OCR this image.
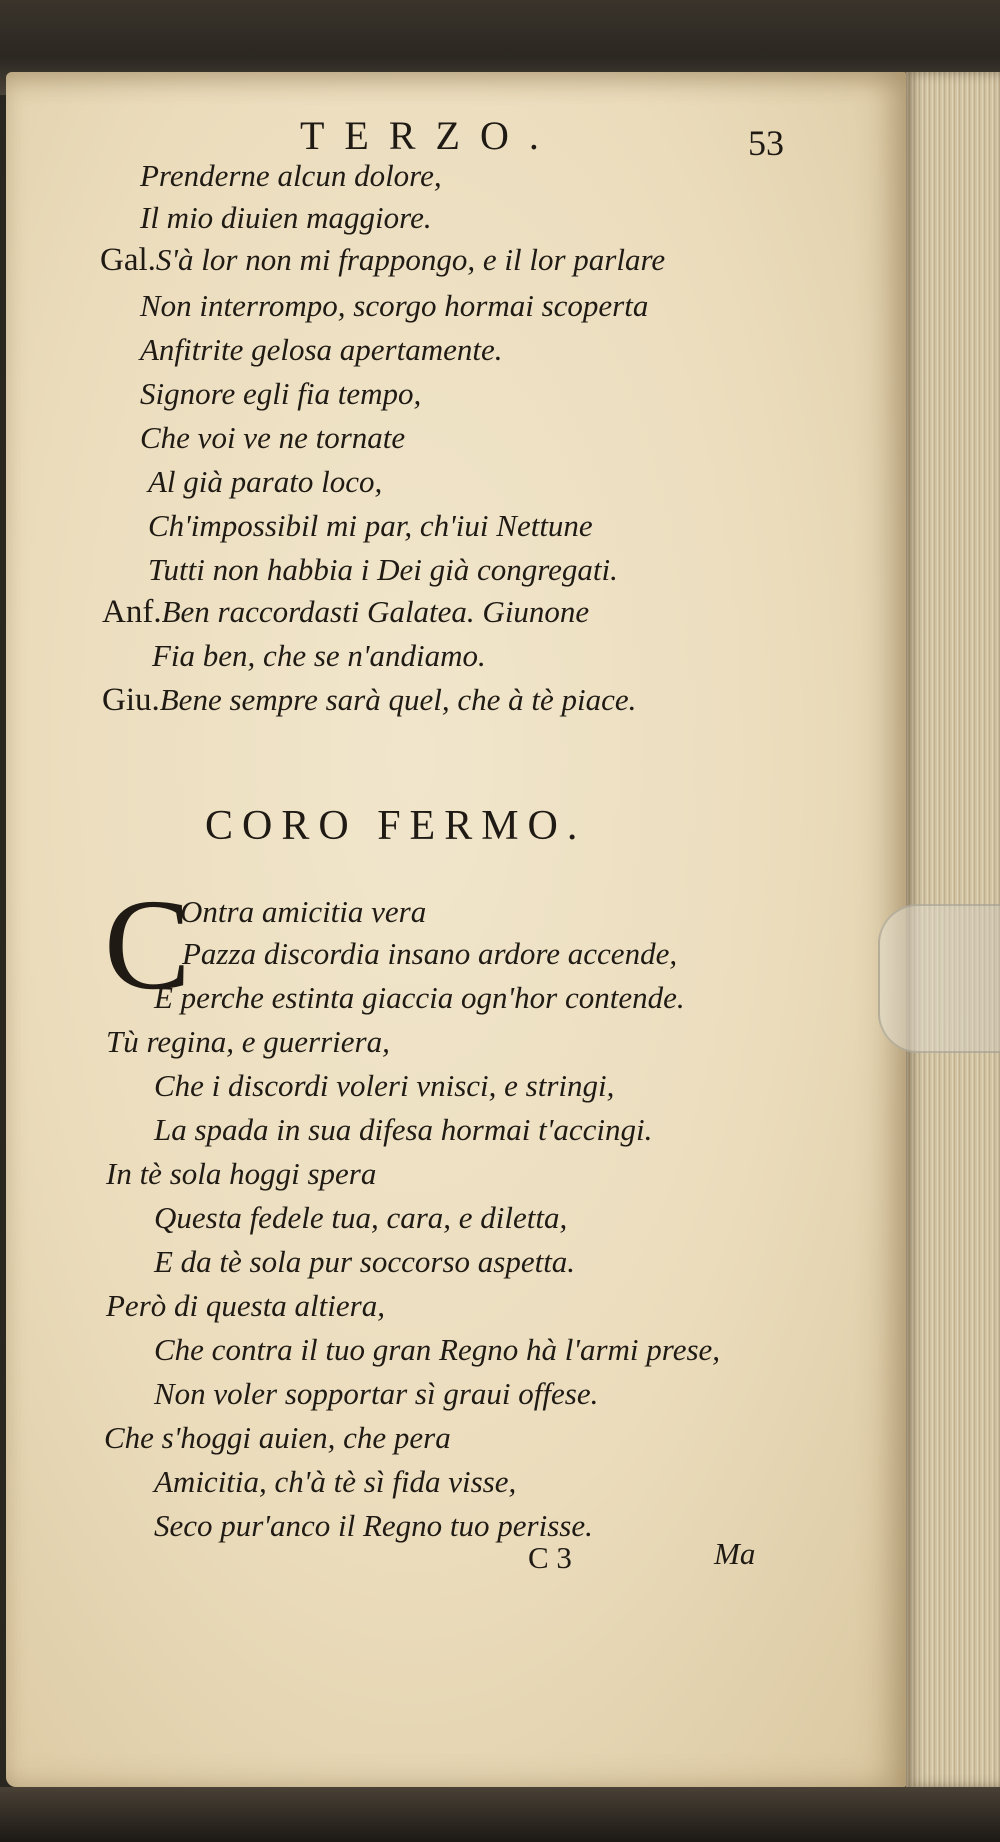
TERZO.	53
Prenderne alcun dolore,
Il mio diuien maggiore.
Gal.S'à lor non mi frappongo, e il lor parlare
Non interrompo, scorgo hormai scoperta
Anfitrite gelosa apertamente.
Signore egli fia tempo,
Che voi ve ne tornate
Al già parato loco,
Ch'impossibil mi par, ch'iui Nettune
Tutti non habbia i Dei già congregati.
Anf.Ben raccordasti Galatea. Giunone
Fia ben, che se n'andiamo.
Giu.Bene sempre sarà quel, che à tè piace.
CORO FERMO.
C
Ontra amicitia vera
Pazza discordia insano ardore accende,
E perche estinta giaccia ogn'hor contende.
Tù regina, e guerriera,
Che i discordi voleri vnisci, e stringi,
La spada in sua difesa hormai t'accingi.
In tè sola hoggi spera
Questa fedele tua, cara, e diletta,
E da tè sola pur soccorso aspetta.
Però di questa altiera,
Che contra il tuo gran Regno hà l'armi prese,
Non voler sopportar sì graui offese.
Che s'hoggi auien, che pera
Amicitia, ch'à tè sì fida visse,
Seco pur'anco il Regno tuo perisse.
C 3	Ma
